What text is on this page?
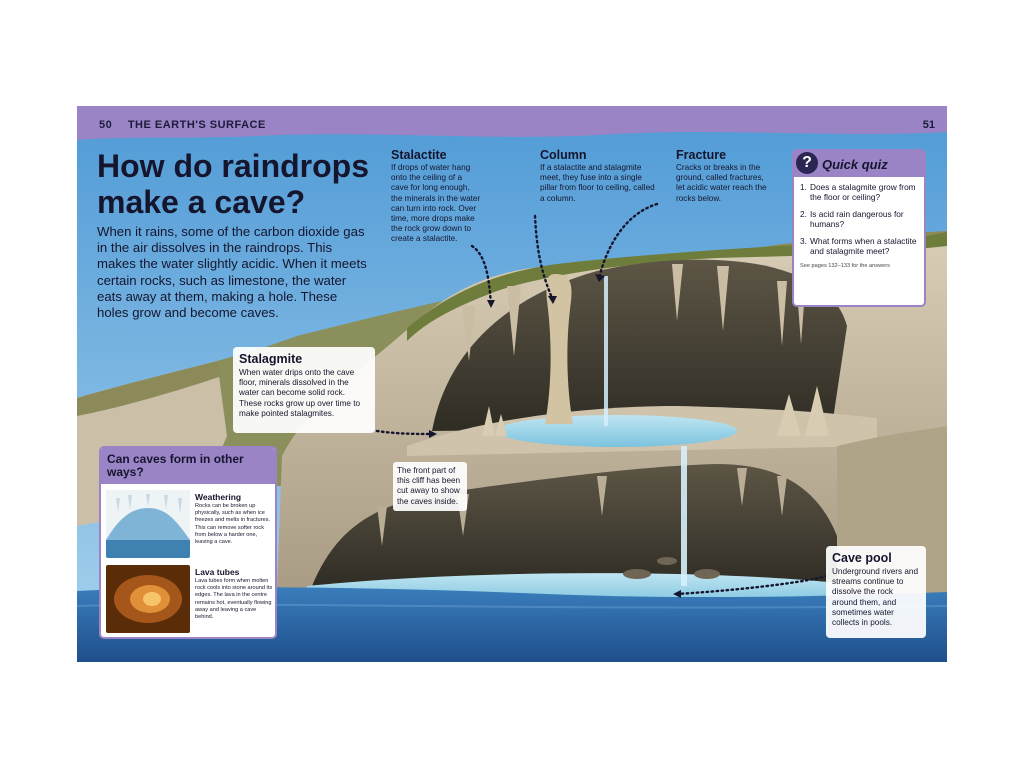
50 THE EARTH'S SURFACE	51
How do raindrops make a cave?

When it rains, some of the carbon dioxide gas in the air dissolves in the raindrops. This makes the water slightly acidic. When it meets certain rocks, such as limestone, the water eats away at them, making a hole. These holes grow and become caves.

Stalactite

If drops of water hang onto the ceiling of a cave for long enough, the minerals in the water can turn into rock. Over time, more drops make the rock grow down to create a stalactite.

Column

If a stalactite and stalagmite meet, they fuse into a single pillar from floor to ceiling, called a column.

Fracture

Cracks or breaks in the ground, called fractures, let acidic water reach the rocks below.

Stalagmite

When water drips onto the cave floor, minerals dissolved in the water can become solid rock. These rocks grow up over time to make pointed stalagmites.

Cave pool

Underground rivers and streams continue to dissolve the rock around them, and sometimes water collects in pools.

The front part of this cliff has been cut away to show the caves inside.
? Quick quiz
1. Does a stalagmite grow from the floor or ceiling?
2. Is acid rain dangerous for humans?
3. What forms when a stalactite and stalagmite meet?
See pages 132–133 for the answers
Can caves form in other ways?
Weathering

Rocks can be broken up physically, such as when ice freezes and melts in fractures. This can remove softer rock from below a harder one, leaving a cave.

Lava tubes

Lava tubes form when molten rock cools into stone around its edges. The lava in the centre remains hot, eventually flowing away and leaving a cave behind.
